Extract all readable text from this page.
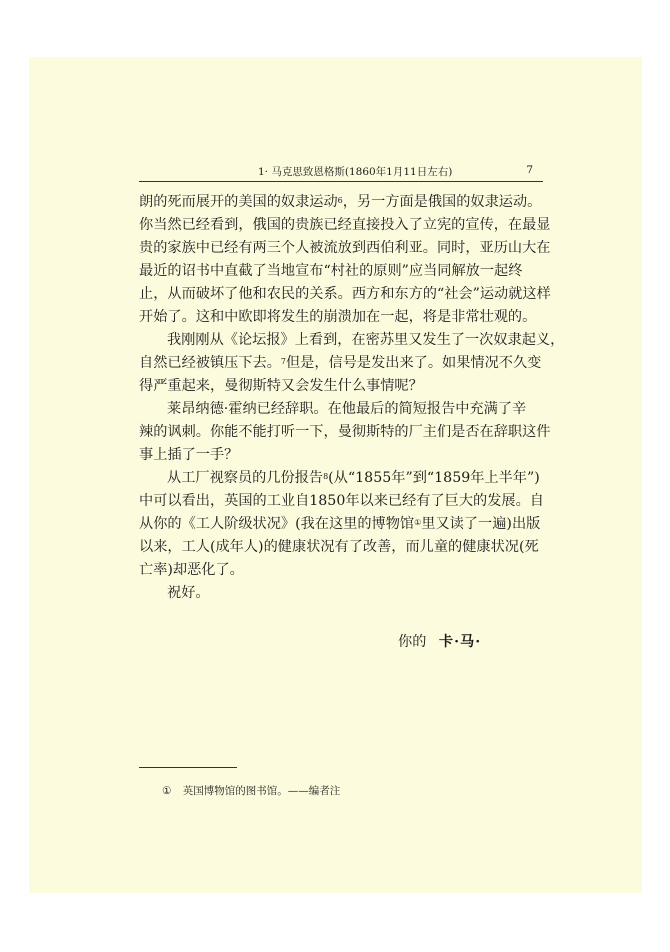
1· 马克思致恩格斯(1860年1月11日左右)	7
朗的死而展开的美国的奴隶运动$^6$，另一方面是俄国的奴隶运动。
你当然已经看到，俄国的贵族已经直接投入了立宪的宣传，在最显
贵的家族中已经有两三个人被流放到西伯利亚。同时，亚历山大在
最近的诏书中直截了当地宣布“村社的原则”应当同解放一起终
止，从而破坏了他和农民的关系。西方和东方的“社会”运动就这样
开始了。这和中欧即将发生的崩溃加在一起，将是非常壮观的。
我刚刚从《论坛报》上看到，在密苏里又发生了一次奴隶起义，
自然已经被镇压下去。$^7$但是，信号是发出来了。如果情况不久变
得严重起来，曼彻斯特又会发生什么事情呢？
莱昂纳德·霍纳已经辞职。在他最后的简短报告中充满了辛
辣的讽刺。你能不能打听一下，曼彻斯特的厂主们是否在辞职这件
事上插了一手？
从工厂视察员的几份报告$^8$(从“1855年”到“1859年上半年”)
中可以看出，英国的工业自1850年以来已经有了巨大的发展。自
从你的《工人阶级状况》(我在这里的博物馆①里又读了一遍)出版
以来，工人(成年人)的健康状况有了改善，而儿童的健康状况(死
亡率)却恶化了。
祝好。
你的 卡·马·
① 英国博物馆的图书馆。——编者注
